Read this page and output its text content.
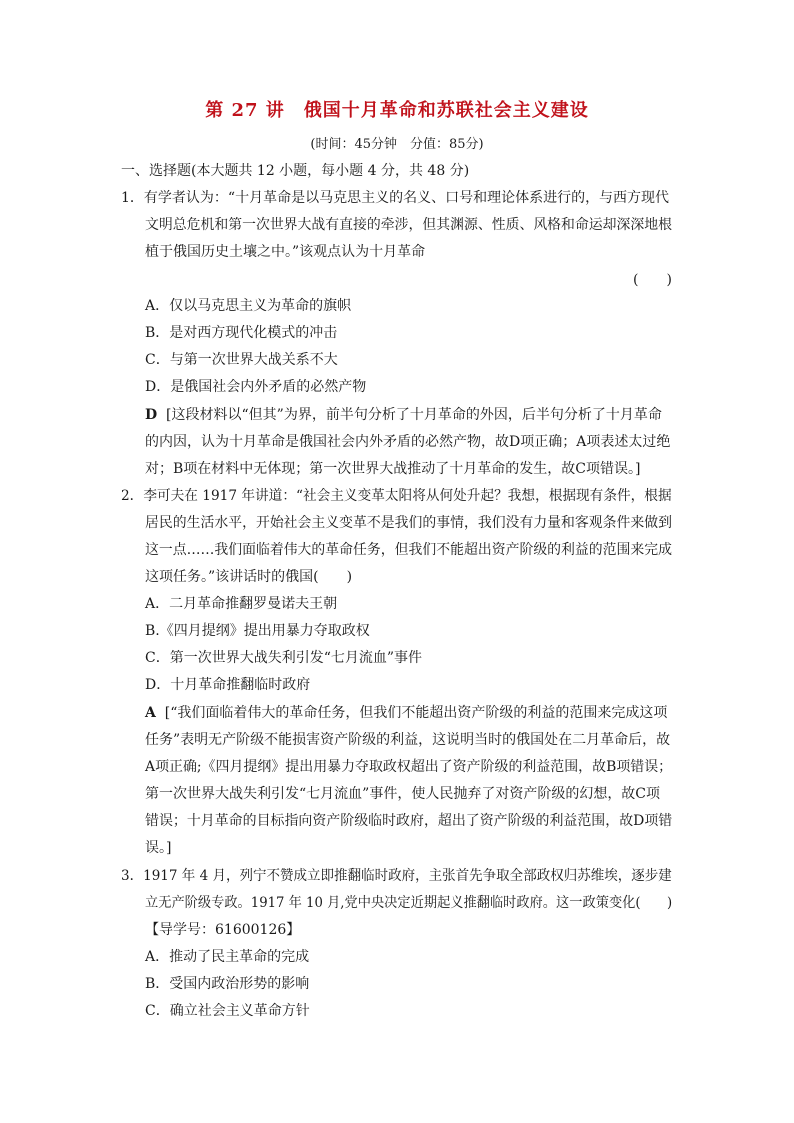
第 27 讲　俄国十月革命和苏联社会主义建设
(时间：45分钟　分值：85分)
一、选择题(本大题共 12 小题，每小题 4 分，共 48 分)
1．有学者认为：“十月革命是以马克思主义的名义、口号和理论体系进行的，与西方现代
文明总危机和第一次世界大战有直接的牵涉，但其渊源、性质、风格和命运却深深地根
植于俄国历史土壤之中。”该观点认为十月革命
(　　)
A．仅以马克思主义为革命的旗帜
B．是对西方现代化模式的冲击
C．与第一次世界大战关系不大
D．是俄国社会内外矛盾的必然产物
D [这段材料以“但其”为界，前半句分析了十月革命的外因，后半句分析了十月革命
的内因，认为十月革命是俄国社会内外矛盾的必然产物，故D项正确；A项表述太过绝
对；B项在材料中无体现；第一次世界大战推动了十月革命的发生，故C项错误。]
2．李可夫在 1917 年讲道：“社会主义变革太阳将从何处升起？我想，根据现有条件，根据
居民的生活水平，开始社会主义变革不是我们的事情，我们没有力量和客观条件来做到
这一点……我们面临着伟大的革命任务，但我们不能超出资产阶级的利益的范围来完成
这项任务。”该讲话时的俄国(　　)
A．二月革命推翻罗曼诺夫王朝
B.《四月提纲》提出用暴力夺取政权
C．第一次世界大战失利引发“七月流血”事件
D．十月革命推翻临时政府
A [“我们面临着伟大的革命任务，但我们不能超出资产阶级的利益的范围来完成这项
任务”表明无产阶级不能损害资产阶级的利益，这说明当时的俄国处在二月革命后，故
A项正确;《四月提纲》提出用暴力夺取政权超出了资产阶级的利益范围，故B项错误；
第一次世界大战失利引发“七月流血”事件，使人民抛弃了对资产阶级的幻想，故C项
错误；十月革命的目标指向资产阶级临时政府，超出了资产阶级的利益范围，故D项错
误。]
3．1917 年 4 月，列宁不赞成立即推翻临时政府，主张首先争取全部政权归苏维埃，逐步建
立无产阶级专政。1917 年 10 月,党中央决定近期起义推翻临时政府。这一政策变化(　　)
【导学号：61600126】
A．推动了民主革命的完成
B．受国内政治形势的影响
C．确立社会主义革命方针
